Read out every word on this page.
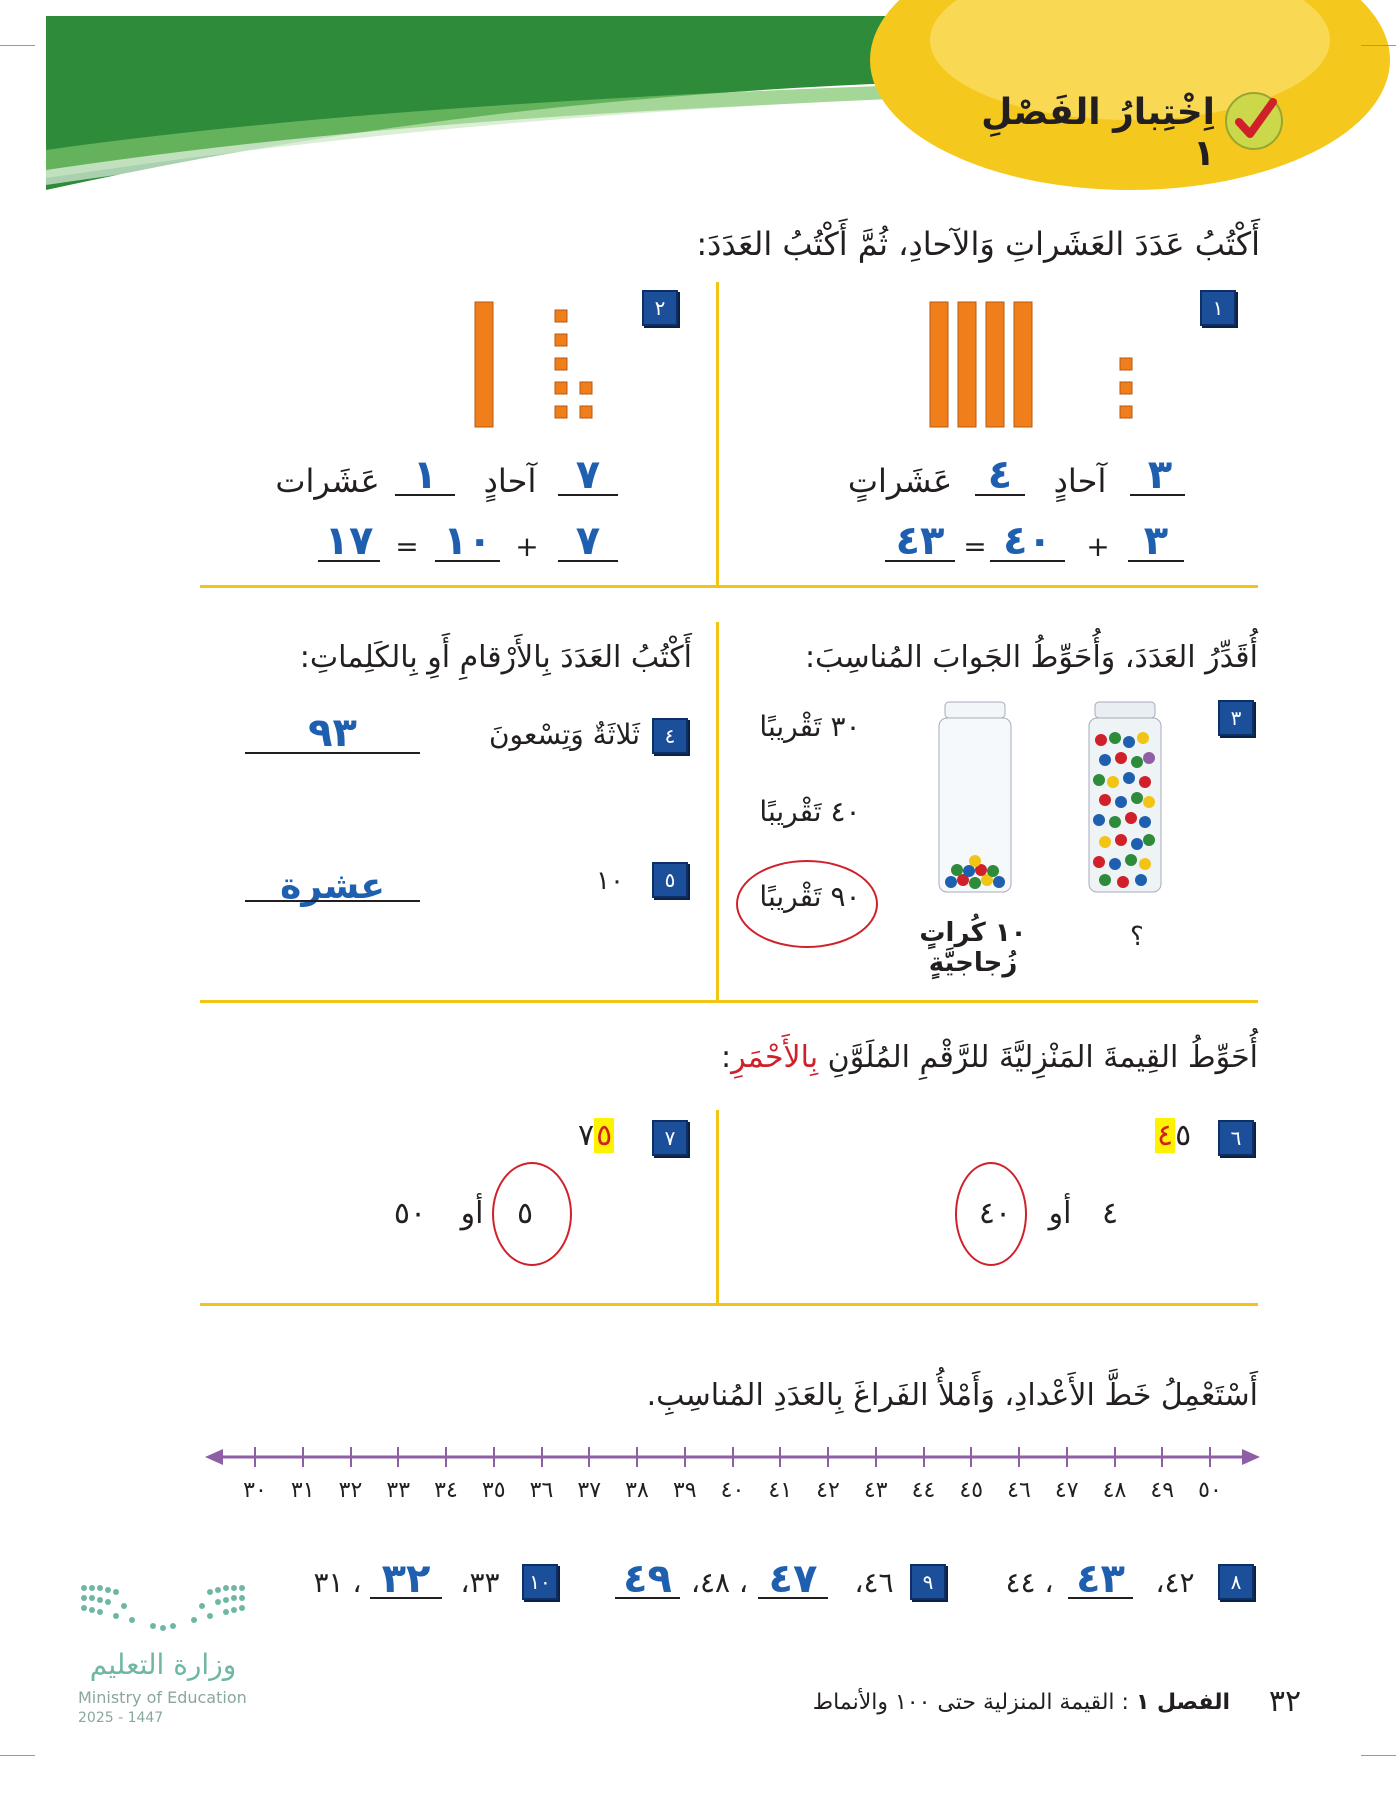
اِخْتِبارُ الفَصْلِ ١
أَكْتُبُ عَدَدَ العَشَراتِ وَالآحادِ، ثُمَّ أَكْتُبُ العَدَدَ:
١
٣
آحادٍ
٤
عَشَراتٍ
٣
+
٤٠
=
٤٣
٢
٧
آحادٍ
١
عَشَرات
٧
+
١٠
=
١٧
أُقَدِّرُ العَدَدَ، وَأُحَوِّطُ الجَوابَ المُناسِبَ:
٣
؟
١٠ كُراتٍ زُجاجيَّةٍ
٣٠ تَقْريبًا
٤٠ تَقْريبًا
٩٠ تَقْريبًا
أَكْتُبُ العَدَدَ بِالأَرْقامِ أَوِ بِالكَلِماتِ:
٤
ثَلاثَةٌ وَتِسْعونَ
٩٣
٥
١٠
عشرة
أُحَوِّطُ القِيمةَ المَنْزِليَّةَ للرَّقْمِ المُلَوَّنِ بِالأَحْمَرِ:
٦
٤٥
٤
أو
٤٠
٧
٧٥
٥
أو
٥٠
أَسْتَعْمِلُ خَطَّ الأَعْدادِ، وَأَمْلأُ الفَراغَ بِالعَدَدِ المُناسِبِ.
٣٠	٣١	٣٢	٣٣	٣٤	٣٥	٣٦	٣٧	٣٨	٣٩	٤٠	٤١	٤٢	٤٣	٤٤	٤٥	٤٦	٤٧	٤٨	٤٩	٥٠
٨
٤٢،
٤٣
، ٤٤
٩
٤٦،
٤٧
، ٤٨،
٤٩
١٠
٣٣،
٣٢
، ٣١
وزارة التعليم
Ministry of Education
2025 - 1447	٣٢
الفصل ١ : القيمة المنزلية حتى ١٠٠ والأنماط
